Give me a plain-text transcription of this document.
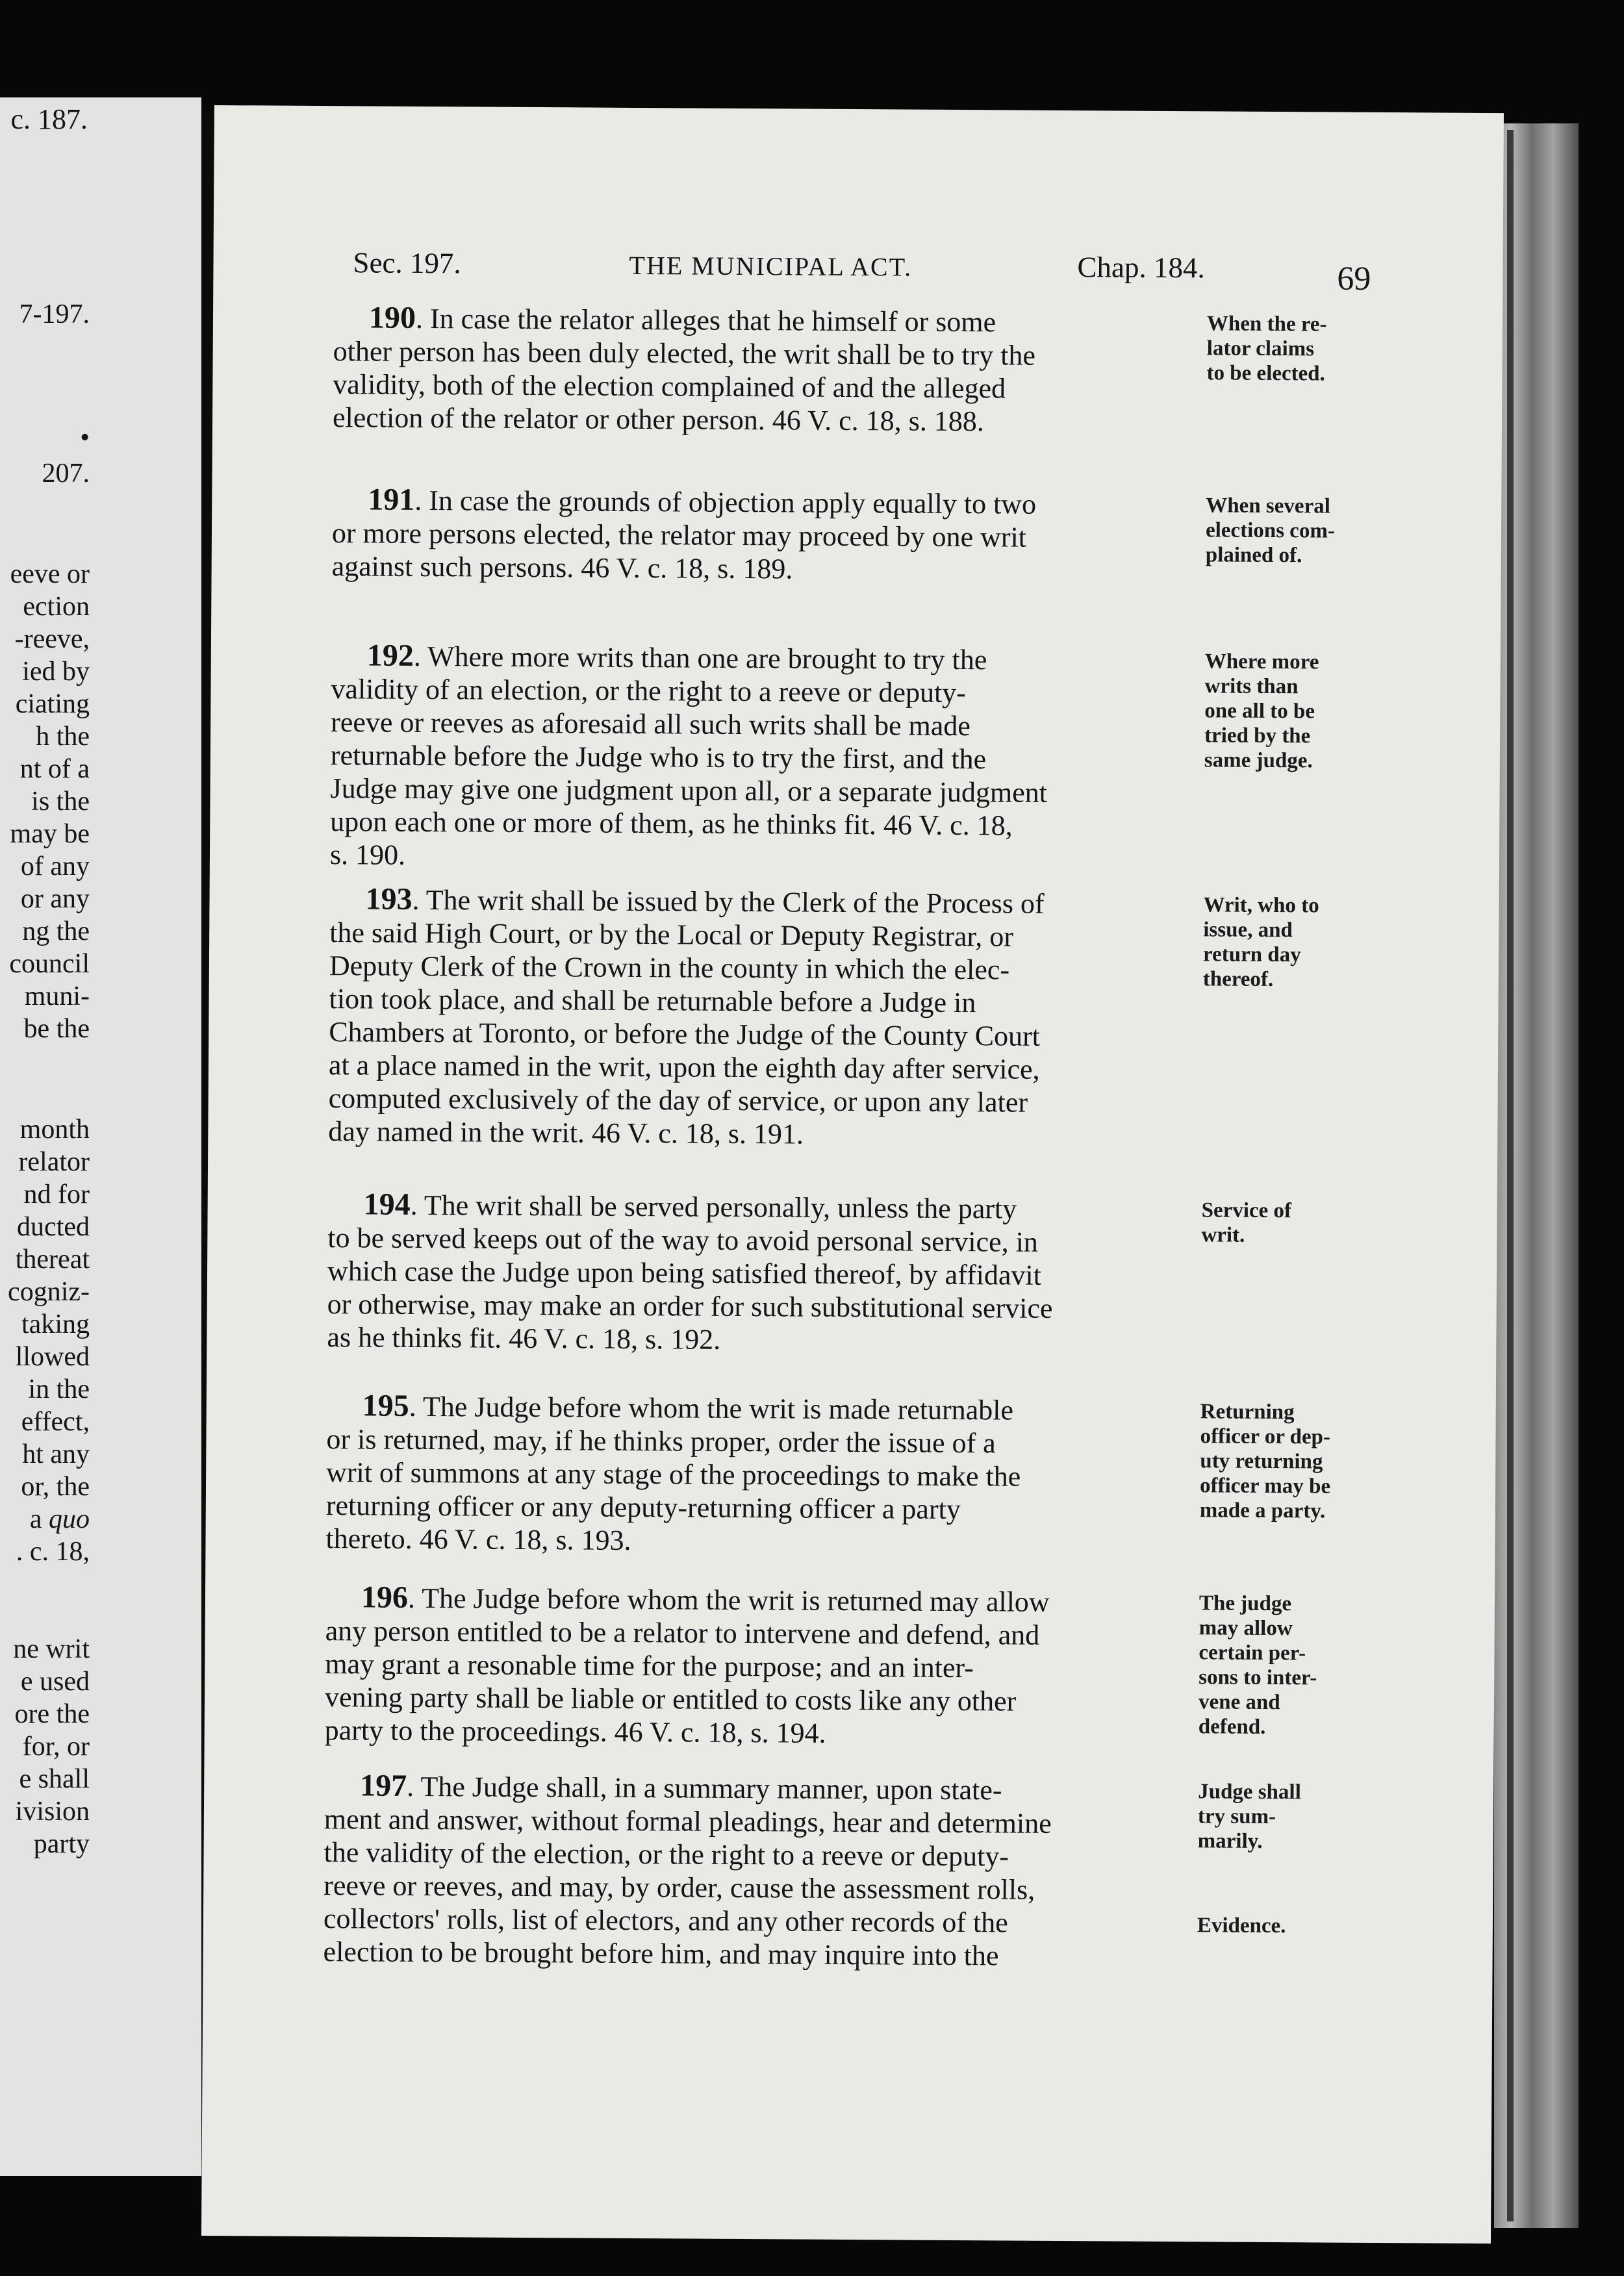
c. 187.
7-197.
•
207.
eeve or
ection
-reeve,
ied by
ciating
h the
nt of a
is the
may be
of any
or any
ng the
council
muni-
be the
month
relator
nd for
ducted
thereat
cogniz-
taking
llowed
in the
effect,
ht any
or, the
a quo
. c. 18,
ne writ
e used
ore the
for, or
e shall
ivision
party
Sec. 197.	THE MUNICIPAL ACT.	Chap. 184.	69
190. In case the relator alleges that he himself or some
other person has been duly elected, the writ shall be to try the
validity, both of the election complained of and the alleged
election of the relator or other person. 46 V. c. 18, s. 188.
When the re-
lator claims
to be elected.
191. In case the grounds of objection apply equally to two
or more persons elected, the relator may proceed by one writ
against such persons. 46 V. c. 18, s. 189.
When several
elections com-
plained of.
192. Where more writs than one are brought to try the
validity of an election, or the right to a reeve or deputy-
reeve or reeves as aforesaid all such writs shall be made
returnable before the Judge who is to try the first, and the
Judge may give one judgment upon all, or a separate judgment
upon each one or more of them, as he thinks fit. 46 V. c. 18,
s. 190.
Where more
writs than
one all to be
tried by the
same judge.
193. The writ shall be issued by the Clerk of the Process of
the said High Court, or by the Local or Deputy Registrar, or
Deputy Clerk of the Crown in the county in which the elec-
tion took place, and shall be returnable before a Judge in
Chambers at Toronto, or before the Judge of the County Court
at a place named in the writ, upon the eighth day after service,
computed exclusively of the day of service, or upon any later
day named in the writ. 46 V. c. 18, s. 191.
Writ, who to
issue, and
return day
thereof.
194. The writ shall be served personally, unless the party
to be served keeps out of the way to avoid personal service, in
which case the Judge upon being satisfied thereof, by affidavit
or otherwise, may make an order for such substitutional service
as he thinks fit. 46 V. c. 18, s. 192.
Service of
writ.
195. The Judge before whom the writ is made returnable
or is returned, may, if he thinks proper, order the issue of a
writ of summons at any stage of the proceedings to make the
returning officer or any deputy-returning officer a party
thereto. 46 V. c. 18, s. 193.
Returning
officer or dep-
uty returning
officer may be
made a party.
196. The Judge before whom the writ is returned may allow
any person entitled to be a relator to intervene and defend, and
may grant a resonable time for the purpose; and an inter-
vening party shall be liable or entitled to costs like any other
party to the proceedings. 46 V. c. 18, s. 194.
The judge
may allow
certain per-
sons to inter-
vene and
defend.
197. The Judge shall, in a summary manner, upon state-
ment and answer, without formal pleadings, hear and determine
the validity of the election, or the right to a reeve or deputy-
reeve or reeves, and may, by order, cause the assessment rolls,
collectors' rolls, list of electors, and any other records of the
election to be brought before him, and may inquire into the
Judge shall
try sum-
marily.
Evidence.
